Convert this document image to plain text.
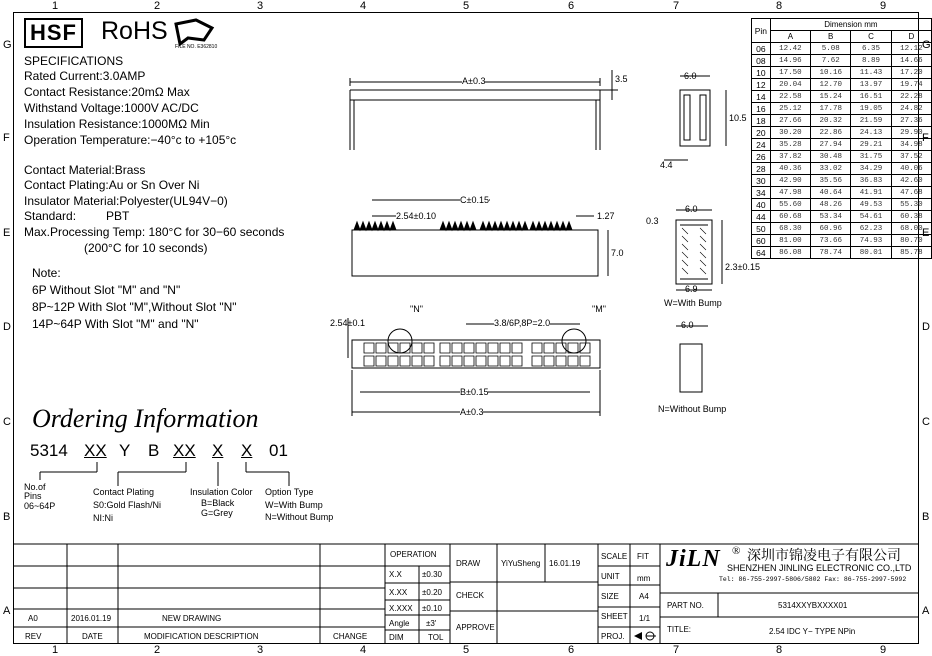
1	2	3	4	5	6	7	8	9
1	2	3	4	5	6	7	8	9
G
F
E
D
C
B
A
G
F
E
D
C
B
A
HSF RoHS
FILE NO. E362810
SPECIFICATIONS
Rated Current:3.0AMP
Contact Resistance:20mΩ Max
Withstand Voltage:1000V AC/DC
Insulation Resistance:1000MΩ Min
Operation Temperature:−40°c to +105°c
Contact Material:Brass
Contact Plating:Au or Sn Over Ni
Insulator Material:Polyester(UL94V−0)
Standard:         PBT
Max.Processing Temp: 180°C for 30−60 seconds
(200°C for 10 seconds)
Note:
6P Without Slot "M" and "N"
8P~12P With Slot "M",Without Slot "N"
14P~64P With Slot "M" and "N"
Ordering Information
5314 XX Y B XX X X 01
No.of
Pins
06~64P
Contact Plating
S0:Gold Flash/Ni
NI:Ni
Insulation Color
B=Black
G=Grey
Option Type
W=With Bump
N=Without Bump
A±0.3	3.5	6.0
10.5
4.4
C±0.15
2.54±0.10	1.27
7.0
0.3
6.0
2.3±0.15
6.9
W=With Bump
2.54±0.1
"N"	"M"
3.8/6P,8P=2.0
B±0.15
A±0.3
6.0
N=Without Bump
Pin	Dimension mm			
	A	B	C	D
06	12.42	5.08	6.35	12.12
08	14.96	7.62	8.89	14.66
10	17.50	10.16	11.43	17.20
12	20.04	12.70	13.97	19.74
14	22.58	15.24	16.51	22.28
16	25.12	17.78	19.05	24.82
18	27.66	20.32	21.59	27.36
20	30.20	22.86	24.13	29.90
24	35.28	27.94	29.21	34.98
26	37.82	30.48	31.75	37.52
28	40.36	33.02	34.29	40.06
30	42.90	35.56	36.83	42.60
34	47.98	40.64	41.91	47.68
40	55.60	48.26	49.53	55.30
44	60.68	53.34	54.61	60.38
50	68.30	60.96	62.23	68.00
60	81.00	73.66	74.93	80.70
64	86.08	78.74	80.01	85.78
A0	2016.01.19	NEW DRAWING
REV	DATE	MODIFICATION DESCRIPTION	CHANGE
OPERATION
X.X	±0.30
X.XX ±0.20
X.XXX ±0.10
Angle ±3'
DIM	TOL
DRAW	YiYuSheng 16.01.19
CHECK
APPROVE
SCALE FIT
UNIT mm
SIZE	A4
SHEET 1/1
PROJ.
JiLN ® 深圳市锦凌电子有限公司
SHENZHEN JINLING ELECTRONIC CO.,LTD
Tel: 86-755-2997-5806/5802 Fax: 86-755-2997-5992
PART NO.	5314XXYBXXXX01
TITLE:	2.54 IDC Y− TYPE NPin
